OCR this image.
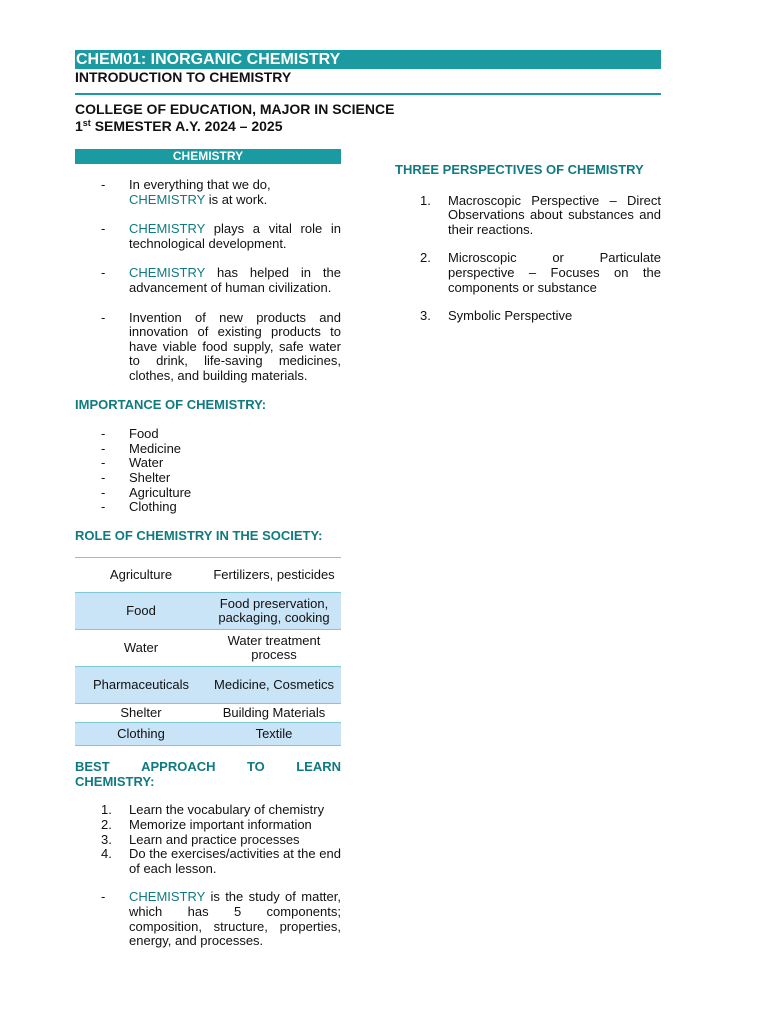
CHEM01: INORGANIC CHEMISTRY
INTRODUCTION TO CHEMISTRY
COLLEGE OF EDUCATION, MAJOR IN SCIENCE
1st SEMESTER A.Y. 2024 – 2025
CHEMISTRY
- In everything that we do,
CHEMISTRY is at work.
- CHEMISTRY plays a vital role in technological development.
- CHEMISTRY has helped in the advancement of human civilization.
- Invention of new products and innovation of existing products to have viable food supply, safe water to drink, life-saving medicines, clothes, and building materials.
IMPORTANCE OF CHEMISTRY:
- Food
- Medicine
- Water
- Shelter
- Agriculture
- Clothing
ROLE OF CHEMISTRY IN THE SOCIETY:
Agriculture	Fertilizers, pesticides
Food	Food preservation, packaging, cooking
Water	Water treatment process
Pharmaceuticals	Medicine, Cosmetics
Shelter	Building Materials
Clothing	Textile
BEST APPROACH TO LEARN
CHEMISTRY:
1. Learn the vocabulary of chemistry
2. Memorize important information
3. Learn and practice processes
4. Do the exercises/activities at the end of each lesson.
- CHEMISTRY is the study of matter, which has 5 components; composition, structure, properties, energy, and processes.
THREE PERSPECTIVES OF CHEMISTRY
1. Macroscopic Perspective – Direct Observations about substances and their reactions.
2. Microscopic or Particulate perspective – Focuses on the components or substance
3. Symbolic Perspective
